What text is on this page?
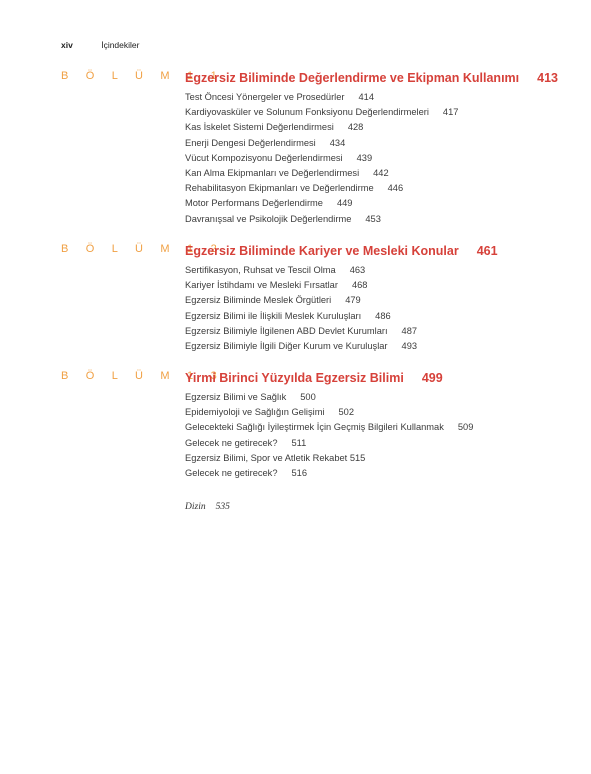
xiv	İçindekiler
B Ö L Ü M 1 1
Egzersiz Biliminde Değerlendirme ve Ekipman Kullanımı 413
Test Öncesi Yönergeler ve Prosedürler 414
Kardiyovasküler ve Solunum Fonksiyonu Değerlendirmeleri 417
Kas İskelet Sistemi Değerlendirmesi 428
Enerji Dengesi Değerlendirmesi 434
Vücut Kompozisyonu Değerlendirmesi 439
Kan Alma Ekipmanları ve Değerlendirmesi 442
Rehabilitasyon Ekipmanları ve Değerlendirme 446
Motor Performans Değerlendirme 449
Davranışsal ve Psikolojik Değerlendirme 453
B Ö L Ü M 1 2
Egzersiz Biliminde Kariyer ve Mesleki Konular 461
Sertifikasyon, Ruhsat ve Tescil Olma 463
Kariyer İstihdamı ve Mesleki Fırsatlar 468
Egzersiz Biliminde Meslek Örgütleri 479
Egzersiz Bilimi ile İlişkili Meslek Kuruluşları 486
Egzersiz Bilimiyle İlgilenen ABD Devlet Kurumları 487
Egzersiz Bilimiyle İlgili Diğer Kurum ve Kuruluşlar 493
B Ö L Ü M 1 3
Yirmi Birinci Yüzyılda Egzersiz Bilimi 499
Egzersiz Bilimi ve Sağlık 500
Epidemiyoloji ve Sağlığın Gelişimi 502
Gelecekteki Sağlığı İyileştirmek İçin Geçmiş Bilgileri Kullanmak 509
Gelecek ne getirecek? 511
Egzersiz Bilimi, Spor ve Atletik Rekabet 515
Gelecek ne getirecek? 516
Dizin 535
